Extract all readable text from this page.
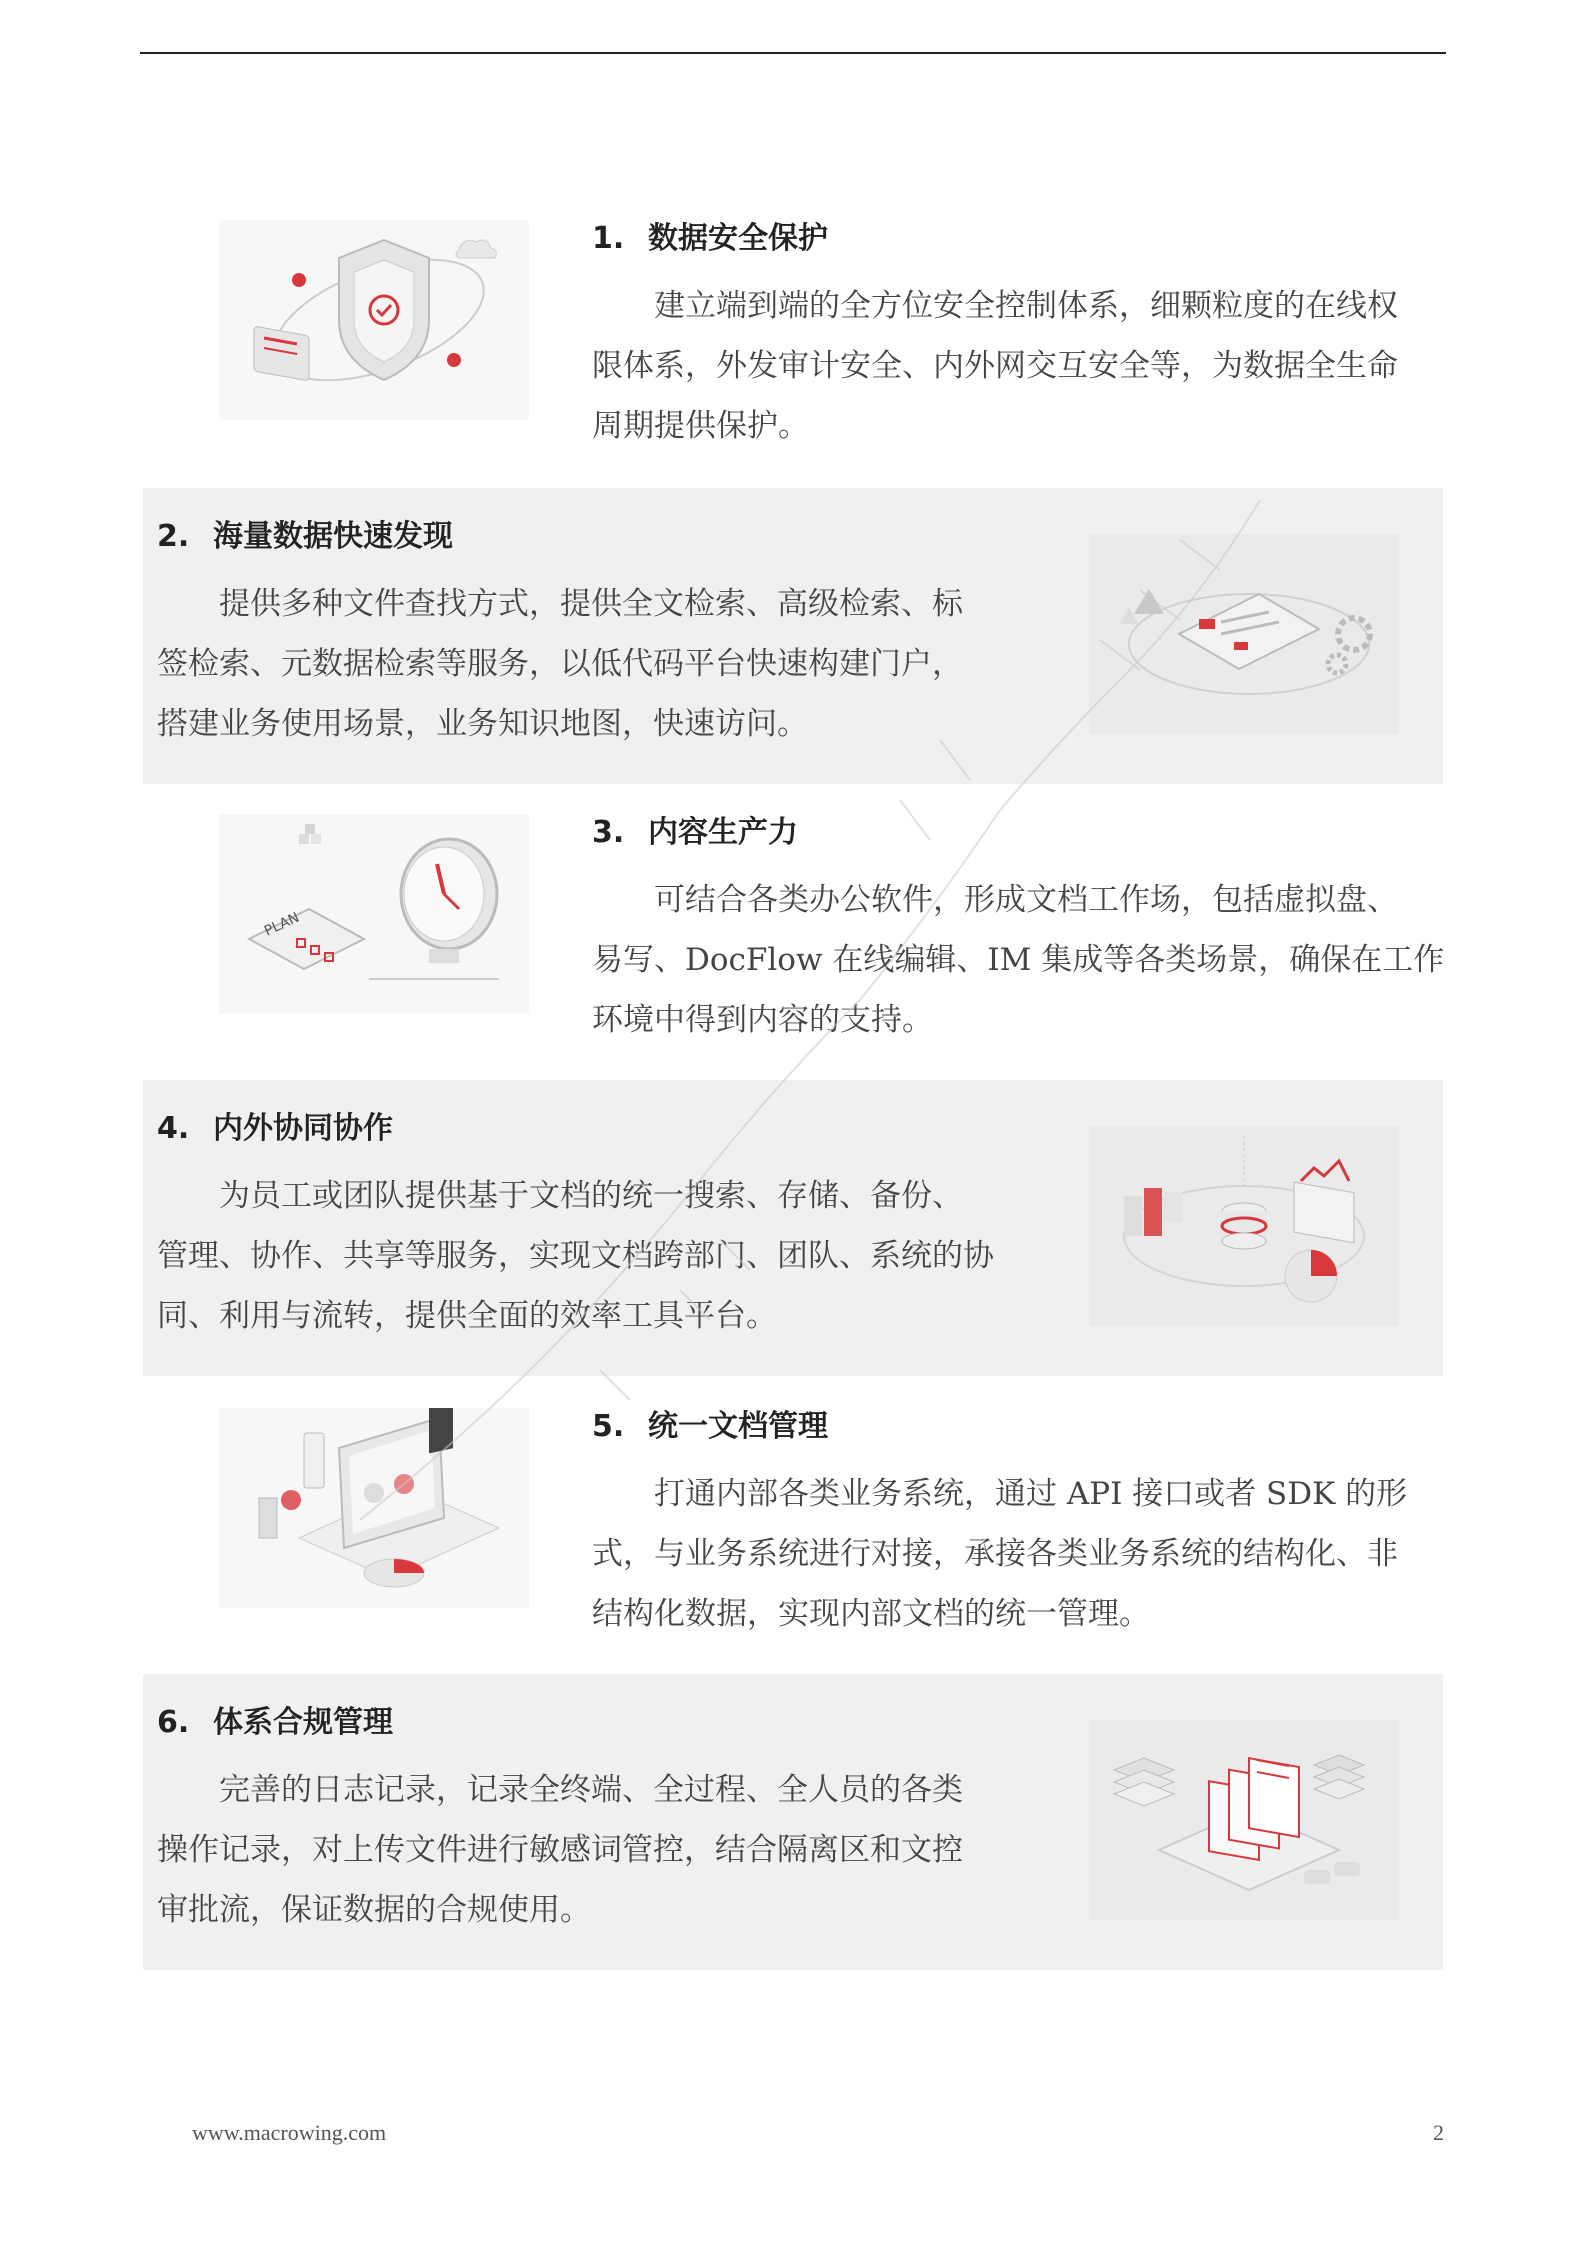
1. 数据安全保护

建立端到端的全方位安全控制体系，细颗粒度的在线权
限体系，外发审计安全、内外网交互安全等，为数据全生命
周期提供保护。

2. 海量数据快速发现

提供多种文件查找方式，提供全文检索、高级检索、标
签检索、元数据检索等服务，以低代码平台快速构建门户，
搭建业务使用场景，业务知识地图，快速访问。

PLAN

3. 内容生产力

可结合各类办公软件，形成文档工作场，包括虚拟盘、
易写、DocFlow 在线编辑、IM 集成等各类场景，确保在工作
环境中得到内容的支持。

4. 内外协同协作

为员工或团队提供基于文档的统一搜索、存储、备份、
管理、协作、共享等服务，实现文档跨部门、团队、系统的协
同、利用与流转，提供全面的效率工具平台。

5. 统一文档管理

打通内部各类业务系统，通过 API 接口或者 SDK 的形
式，与业务系统进行对接，承接各类业务系统的结构化、非
结构化数据，实现内部文档的统一管理。

6. 体系合规管理

完善的日志记录，记录全终端、全过程、全人员的各类
操作记录，对上传文件进行敏感词管控，结合隔离区和文控
审批流，保证数据的合规使用。

www.macrowing.com	2
